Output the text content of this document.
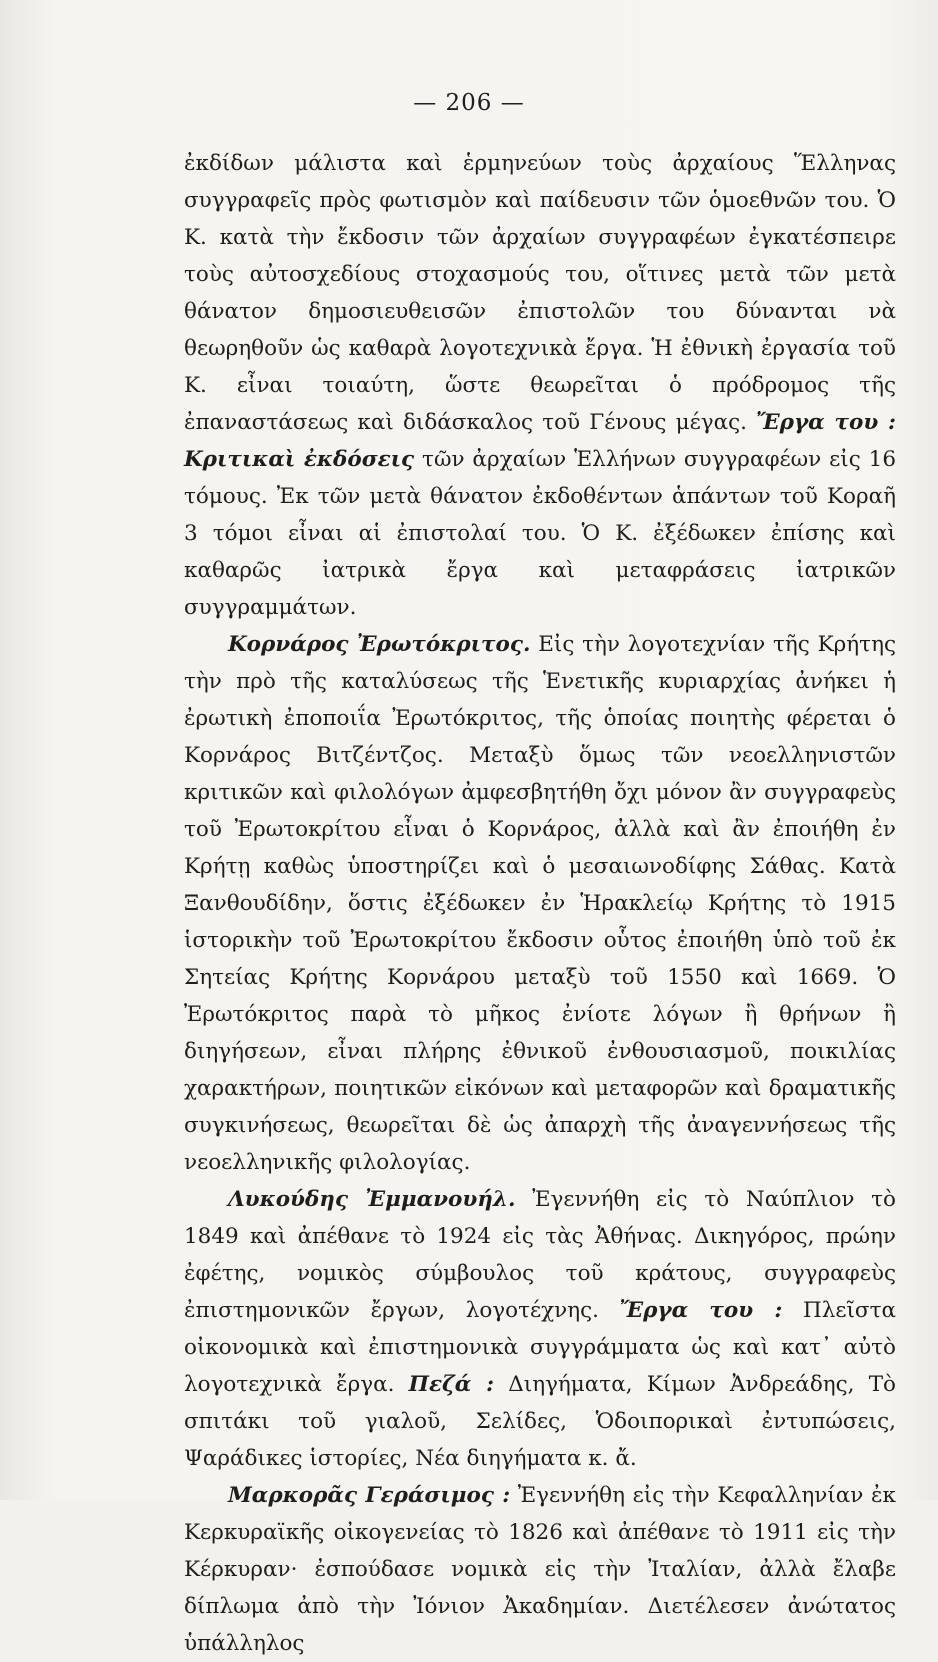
— 206 —

ἐκδίδων μάλιστα καὶ ἑρμηνεύων τοὺς ἀρχαίους Ἕλληνας συγγραφεῖς πρὸς φωτισμὸν καὶ παίδευσιν τῶν ὁμοεθνῶν του. Ὁ Κ. κατὰ τὴν ἔκδοσιν τῶν ἀρχαίων συγγραφέων ἐγκατέσπειρε τοὺς αὐτοσχεδίους στοχασμούς του, οἵτινες μετὰ τῶν μετὰ θάνατον δημοσιευθεισῶν ἐπιστολῶν του δύνανται νὰ θεωρηθοῦν ὡς καθαρὰ λογοτεχνικὰ ἔργα. Ἡ ἐθνικὴ ἐργασία τοῦ Κ. εἶναι τοιαύτη, ὥστε θεωρεῖται ὁ πρόδρομος τῆς ἐπαναστάσεως καὶ διδάσκαλος τοῦ Γένους μέγας. Ἔργα του : Κριτικαὶ ἐκδόσεις τῶν ἀρχαίων Ἑλλήνων συγγραφέων εἰς 16 τόμους. Ἐκ τῶν μετὰ θάνατον ἐκδοθέντων ἁπάντων τοῦ Κοραῆ 3 τόμοι εἶναι αἱ ἐπιστολαί του. Ὁ Κ. ἐξέδωκεν ἐπίσης καὶ καθαρῶς ἰατρικὰ ἔργα καὶ μεταφράσεις ἰατρικῶν συγγραμμάτων.

Κορνάρος Ἐρωτόκριτος. Εἰς τὴν λογοτεχνίαν τῆς Κρήτης τὴν πρὸ τῆς καταλύσεως τῆς Ἑνετικῆς κυριαρχίας ἀνήκει ἡ ἐρωτικὴ ἐποποιΐα Ἐρωτόκριτος, τῆς ὁποίας ποιητὴς φέρεται ὁ Κορνάρος Βιτζέντζος. Μεταξὺ ὅμως τῶν νεοελληνιστῶν κριτικῶν καὶ φιλολόγων ἀμφεσβητήθη ὄχι μόνον ἂν συγγραφεὺς τοῦ Ἐρωτοκρίτου εἶναι ὁ Κορνάρος, ἀλλὰ καὶ ἂν ἐποιήθη ἐν Κρήτῃ καθὼς ὑποστηρίζει καὶ ὁ μεσαιωνοδίφης Σάθας. Κατὰ Ξανθουδίδην, ὅστις ἐξέδωκεν ἐν Ἡρακλείῳ Κρήτης τὸ 1915 ἱστορικὴν τοῦ Ἐρωτοκρίτου ἔκδοσιν οὗτος ἐποιήθη ὑπὸ τοῦ ἐκ Σητείας Κρήτης Κορνάρου μεταξὺ τοῦ 1550 καὶ 1669. Ὁ Ἐρωτόκριτος παρὰ τὸ μῆκος ἐνίοτε λόγων ἢ θρήνων ἢ διηγήσεων, εἶναι πλήρης ἐθνικοῦ ἐνθουσιασμοῦ, ποικιλίας χαρακτήρων, ποιητικῶν εἰκόνων καὶ μεταφορῶν καὶ δραματικῆς συγκινήσεως, θεωρεῖται δὲ ὡς ἀπαρχὴ τῆς ἀναγεννήσεως τῆς νεοελληνικῆς φιλολογίας.

Λυκούδης Ἐμμανουήλ. Ἐγεννήθη εἰς τὸ Ναύπλιον τὸ 1849 καὶ ἀπέθανε τὸ 1924 εἰς τὰς Ἀθήνας. Δικηγόρος, πρώην ἐφέτης, νομικὸς σύμβουλος τοῦ κράτους, συγγραφεὺς ἐπιστημονικῶν ἔργων, λογοτέχνης. Ἔργα του : Πλεῖστα οἰκονομικὰ καὶ ἐπιστημονικὰ συγγράμματα ὡς καὶ κατ᾽ αὐτὸ λογοτεχνικὰ ἔργα. Πεζά : Διηγήματα, Κίμων Ἀνδρεάδης, Τὸ σπιτάκι τοῦ γιαλοῦ, Σελίδες, Ὁδοιπορικαὶ ἐντυπώσεις, Ψαράδικες ἱστορίες, Νέα διηγήματα κ. ἄ.

Μαρκορᾶς Γεράσιμος : Ἐγεννήθη εἰς τὴν Κεφαλληνίαν ἐκ Κερκυραϊκῆς οἰκογενείας τὸ 1826 καὶ ἀπέθανε τὸ 1911 εἰς τὴν Κέρκυραν· ἐσπούδασε νομικὰ εἰς τὴν Ἰταλίαν, ἀλλὰ ἔλαβε δίπλωμα ἀπὸ τὴν Ἰόνιον Ἀκαδημίαν. Διετέλεσεν ἀνώτατος ὑπάλληλος
